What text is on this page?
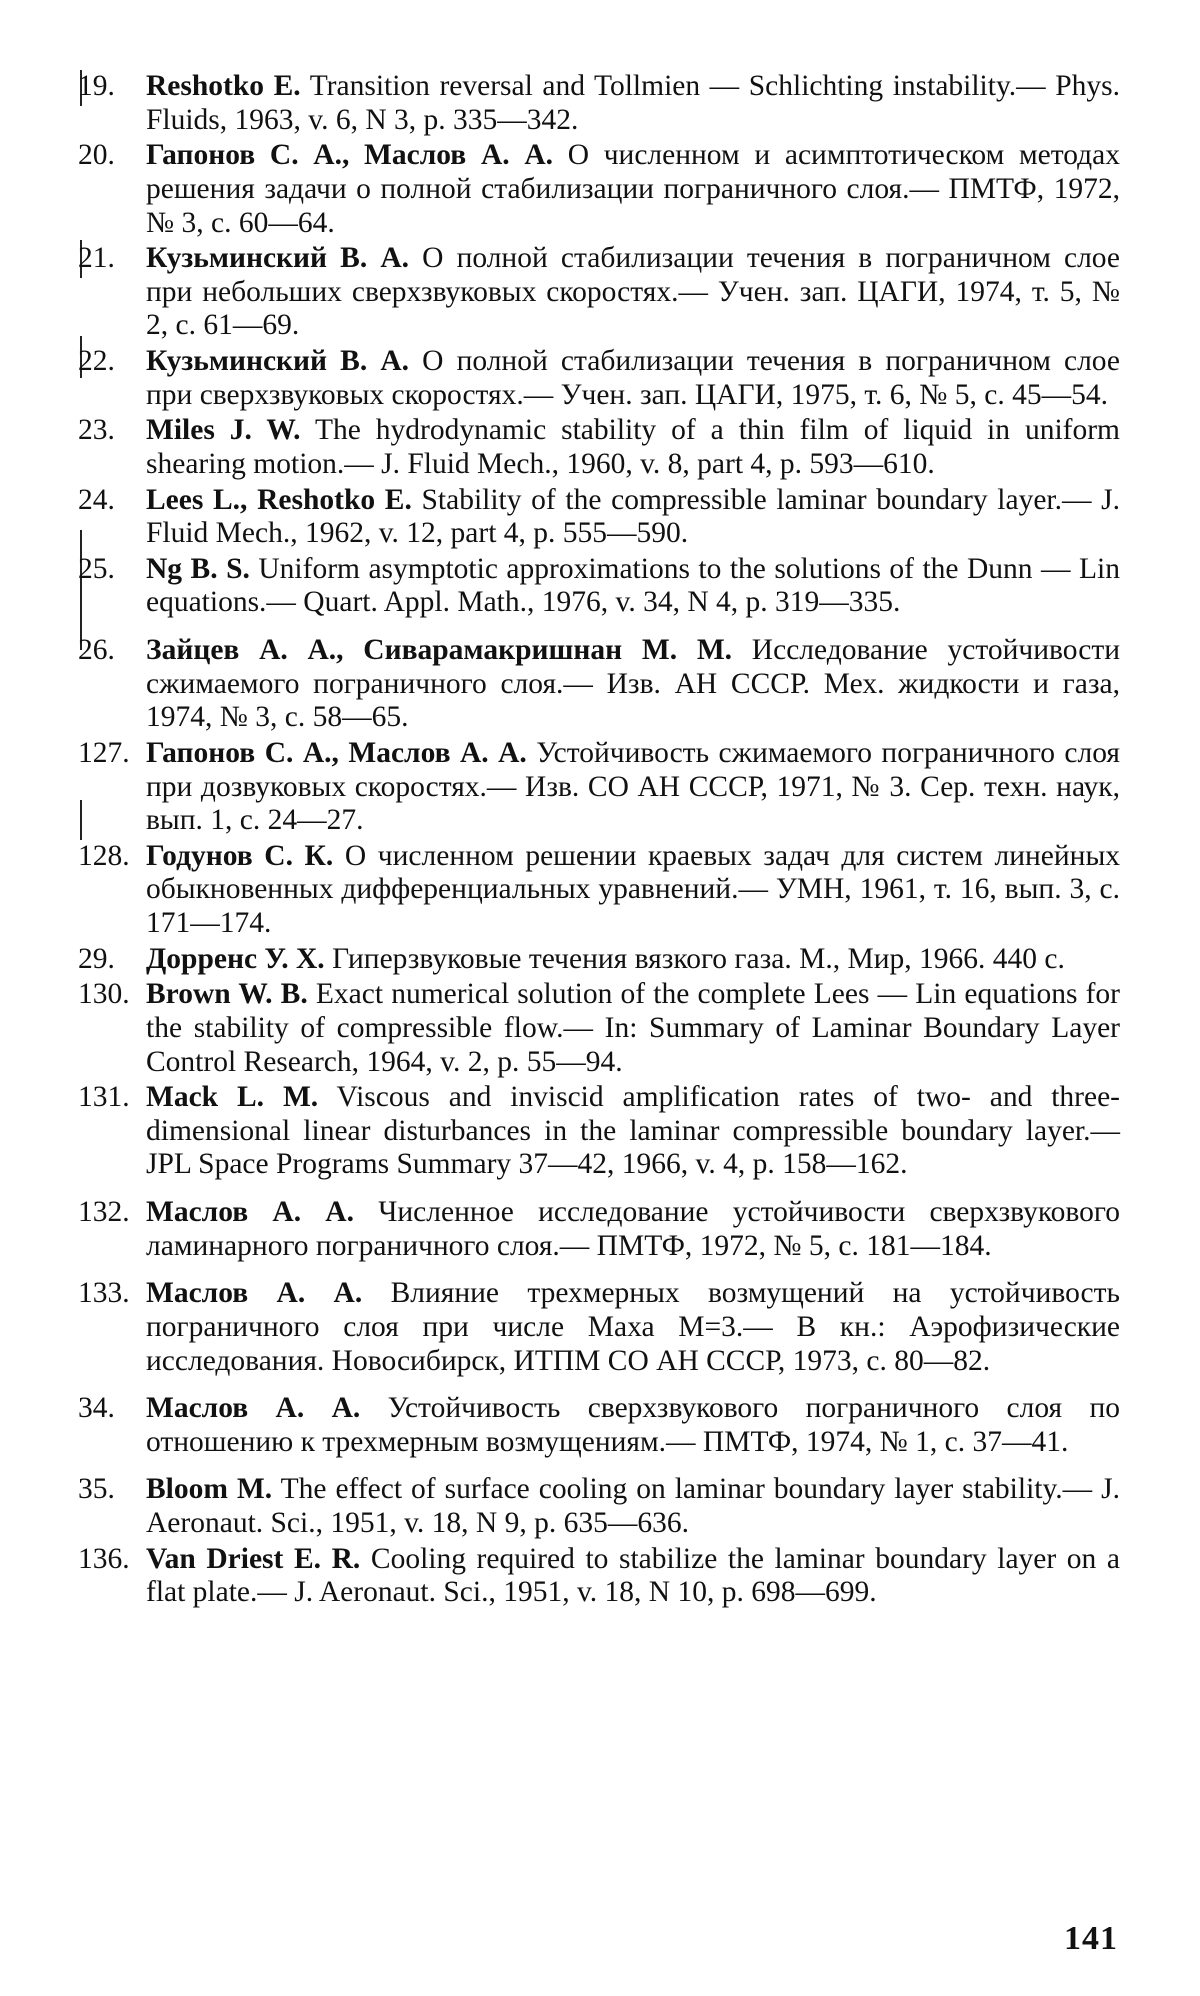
19.	Reshotko E. Transition reversal and Tollmien — Schlichting instability.— Phys. Fluids, 1963, v. 6, N 3, p. 335—342.
20.	Гапонов С. А., Маслов А. А. О численном и асимптотическом методах решения задачи о полной стабилизации пограничного слоя.— ПМТФ, 1972, № 3, с. 60—64.
21.	Кузьминский В. А. О полной стабилизации течения в пограничном слое при небольших сверхзвуковых скоростях.— Учен. зап. ЦАГИ, 1974, т. 5, № 2, с. 61—69.
22.	Кузьминский В. А. О полной стабилизации течения в пограничном слое при сверхзвуковых скоростях.— Учен. зап. ЦАГИ, 1975, т. 6, № 5, с. 45—54.
23.	Miles J. W. The hydrodynamic stability of a thin film of liquid in uniform shearing motion.— J. Fluid Mech., 1960, v. 8, part 4, p. 593—610.
24.	Lees L., Reshotko E. Stability of the compressible laminar boundary layer.— J. Fluid Mech., 1962, v. 12, part 4, p. 555—590.
25.	Ng B. S. Uniform asymptotic approximations to the solutions of the Dunn — Lin equations.— Quart. Appl. Math., 1976, v. 34, N 4, p. 319—335.
26.	Зайцев А. А., Сиварамакришнан М. М. Исследование устойчивости сжимаемого пограничного слоя.— Изв. АН СССР. Мех. жидкости и газа, 1974, № 3, с. 58—65.
127. Гапонов С. А., Маслов А. А. Устойчивость сжимаемого пограничного слоя при дозвуковых скоростях.— Изв. СО АН СССР, 1971, № 3. Сер. техн. наук, вып. 1, с. 24—27.
128. Годунов С. К. О численном решении краевых задач для систем линейных обыкновенных дифференциальных уравнений.— УМН, 1961, т. 16, вып. 3, с. 171—174.
29.	Дорренс У. Х. Гиперзвуковые течения вязкого газа. М., Мир, 1966. 440 с.
130. Brown W. B. Exact numerical solution of the complete Lees — Lin equations for the stability of compressible flow.— In: Summary of Laminar Boundary Layer Control Research, 1964, v. 2, p. 55—94.
131. Mack L. M. Viscous and inviscid amplification rates of two- and three-dimensional linear disturbances in the laminar compressible boundary layer.— JPL Space Programs Summary 37—42, 1966, v. 4, p. 158—162.
132. Маслов А. А. Численное исследование устойчивости сверхзвукового ламинарного пограничного слоя.— ПМТФ, 1972, № 5, с. 181—184.
133. Маслов А. А. Влияние трехмерных возмущений на устойчивость пограничного слоя при числе Маха M=3.— В кн.: Аэрофизические исследования. Новосибирск, ИТПМ СО АН СССР, 1973, с. 80—82.
34.	Маслов А. А. Устойчивость сверхзвукового пограничного слоя по отношению к трехмерным возмущениям.— ПМТФ, 1974, № 1, с. 37—41.
35.	Bloom M. The effect of surface cooling on laminar boundary layer stability.— J. Aeronaut. Sci., 1951, v. 18, N 9, p. 635—636.
136. Van Driest E. R. Cooling required to stabilize the laminar boundary layer on a flat plate.— J. Aeronaut. Sci., 1951, v. 18, N 10, p. 698—699.
141
